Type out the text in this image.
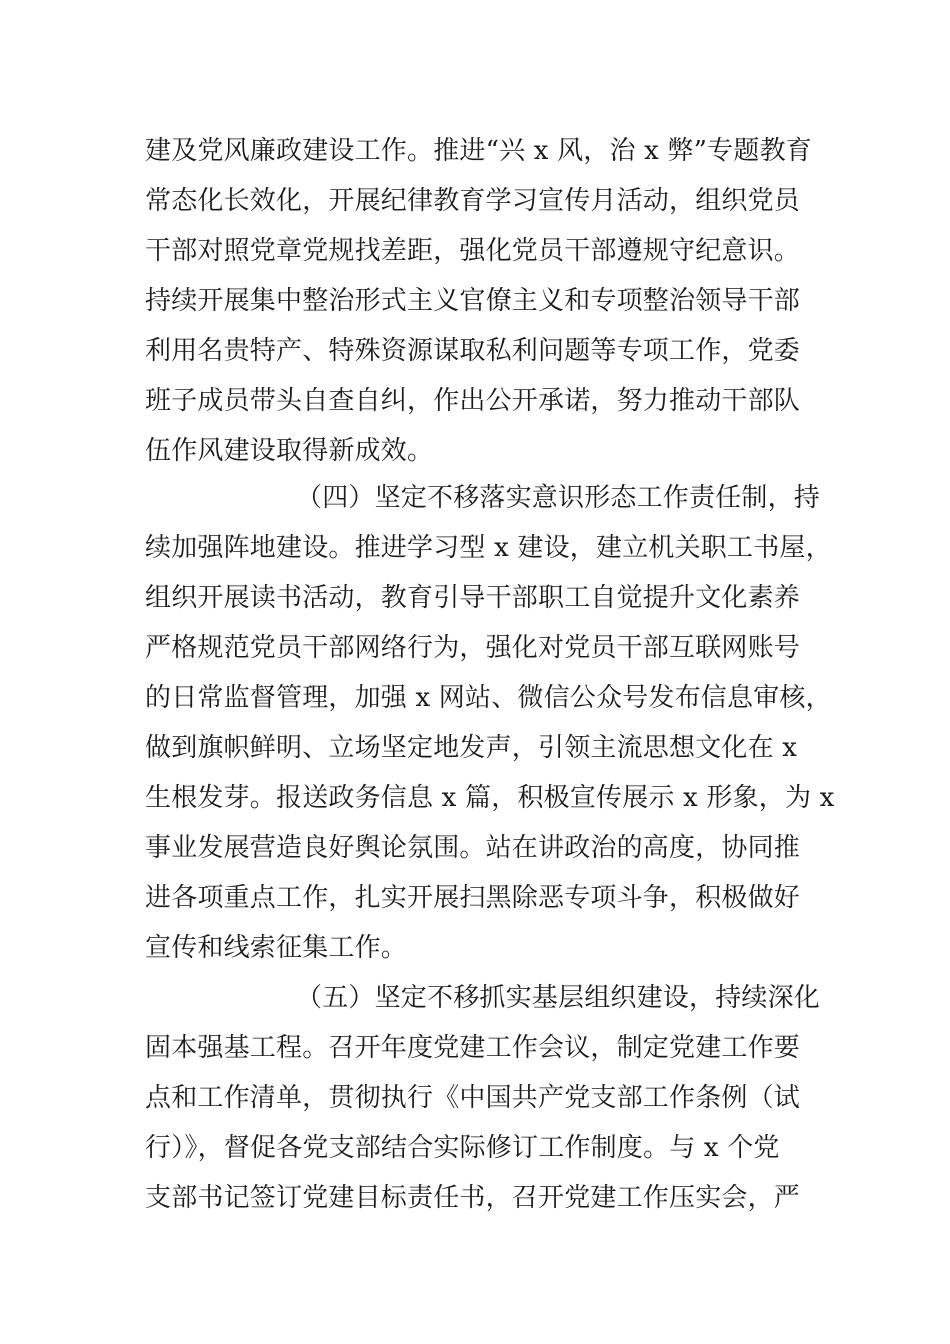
建及党风廉政建设工作。推进“兴 x 风，治 x 弊”专题教育
常态化长效化，开展纪律教育学习宣传月活动，组织党员
干部对照党章党规找差距，强化党员干部遵规守纪意识。
持续开展集中整治形式主义官僚主义和专项整治领导干部
利用名贵特产、特殊资源谋取私利问题等专项工作，党委
班子成员带头自查自纠，作出公开承诺，努力推动干部队
伍作风建设取得新成效。
（四）坚定不移落实意识形态工作责任制，持
续加强阵地建设。推进学习型 x 建设，建立机关职工书屋，
组织开展读书活动，教育引导干部职工自觉提升文化素养
严格规范党员干部网络行为，强化对党员干部互联网账号
的日常监督管理，加强 x 网站、微信公众号发布信息审核，
做到旗帜鲜明、立场坚定地发声，引领主流思想文化在 x
生根发芽。报送政务信息 x 篇，积极宣传展示 x 形象，为 x
事业发展营造良好舆论氛围。站在讲政治的高度，协同推
进各项重点工作，扎实开展扫黑除恶专项斗争，积极做好
宣传和线索征集工作。
（五）坚定不移抓实基层组织建设，持续深化
固本强基工程。召开年度党建工作会议，制定党建工作要
点和工作清单，贯彻执行《中国共产党支部工作条例（试
行）》，督促各党支部结合实际修订工作制度。与 x 个党
支部书记签订党建目标责任书，召开党建工作压实会，严
